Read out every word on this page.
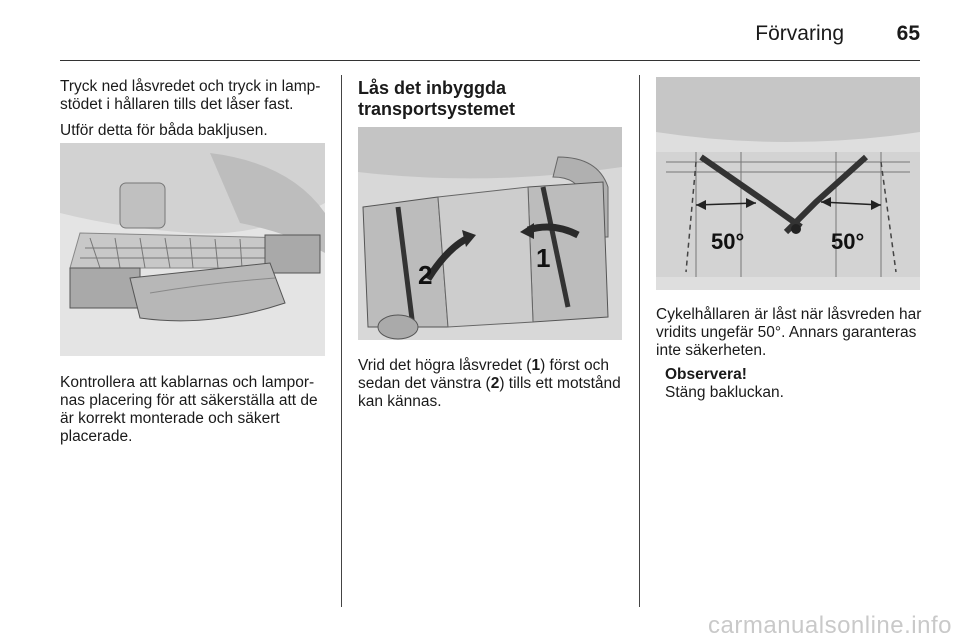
Förvaring	65

Tryck ned låsvredet och tryck in lampstödet i hållaren tills det låser fast.

Utför detta för båda bakljusen.

Kontrollera att kablarnas och lampornas placering för att säkerställa att de är korrekt monterade och säkert placerade.

Lås det inbyggda transportsystemet
2
1

Vrid det högra låsvredet (1) först och sedan det vänstra (2) tills ett motstånd kan kännas.

50°	50°

Cykelhållaren är låst när låsvreden har vridits ungefär 50°. Annars garanteras inte säkerheten.

Observera!
Stäng bakluckan.
carmanualsonline.info
